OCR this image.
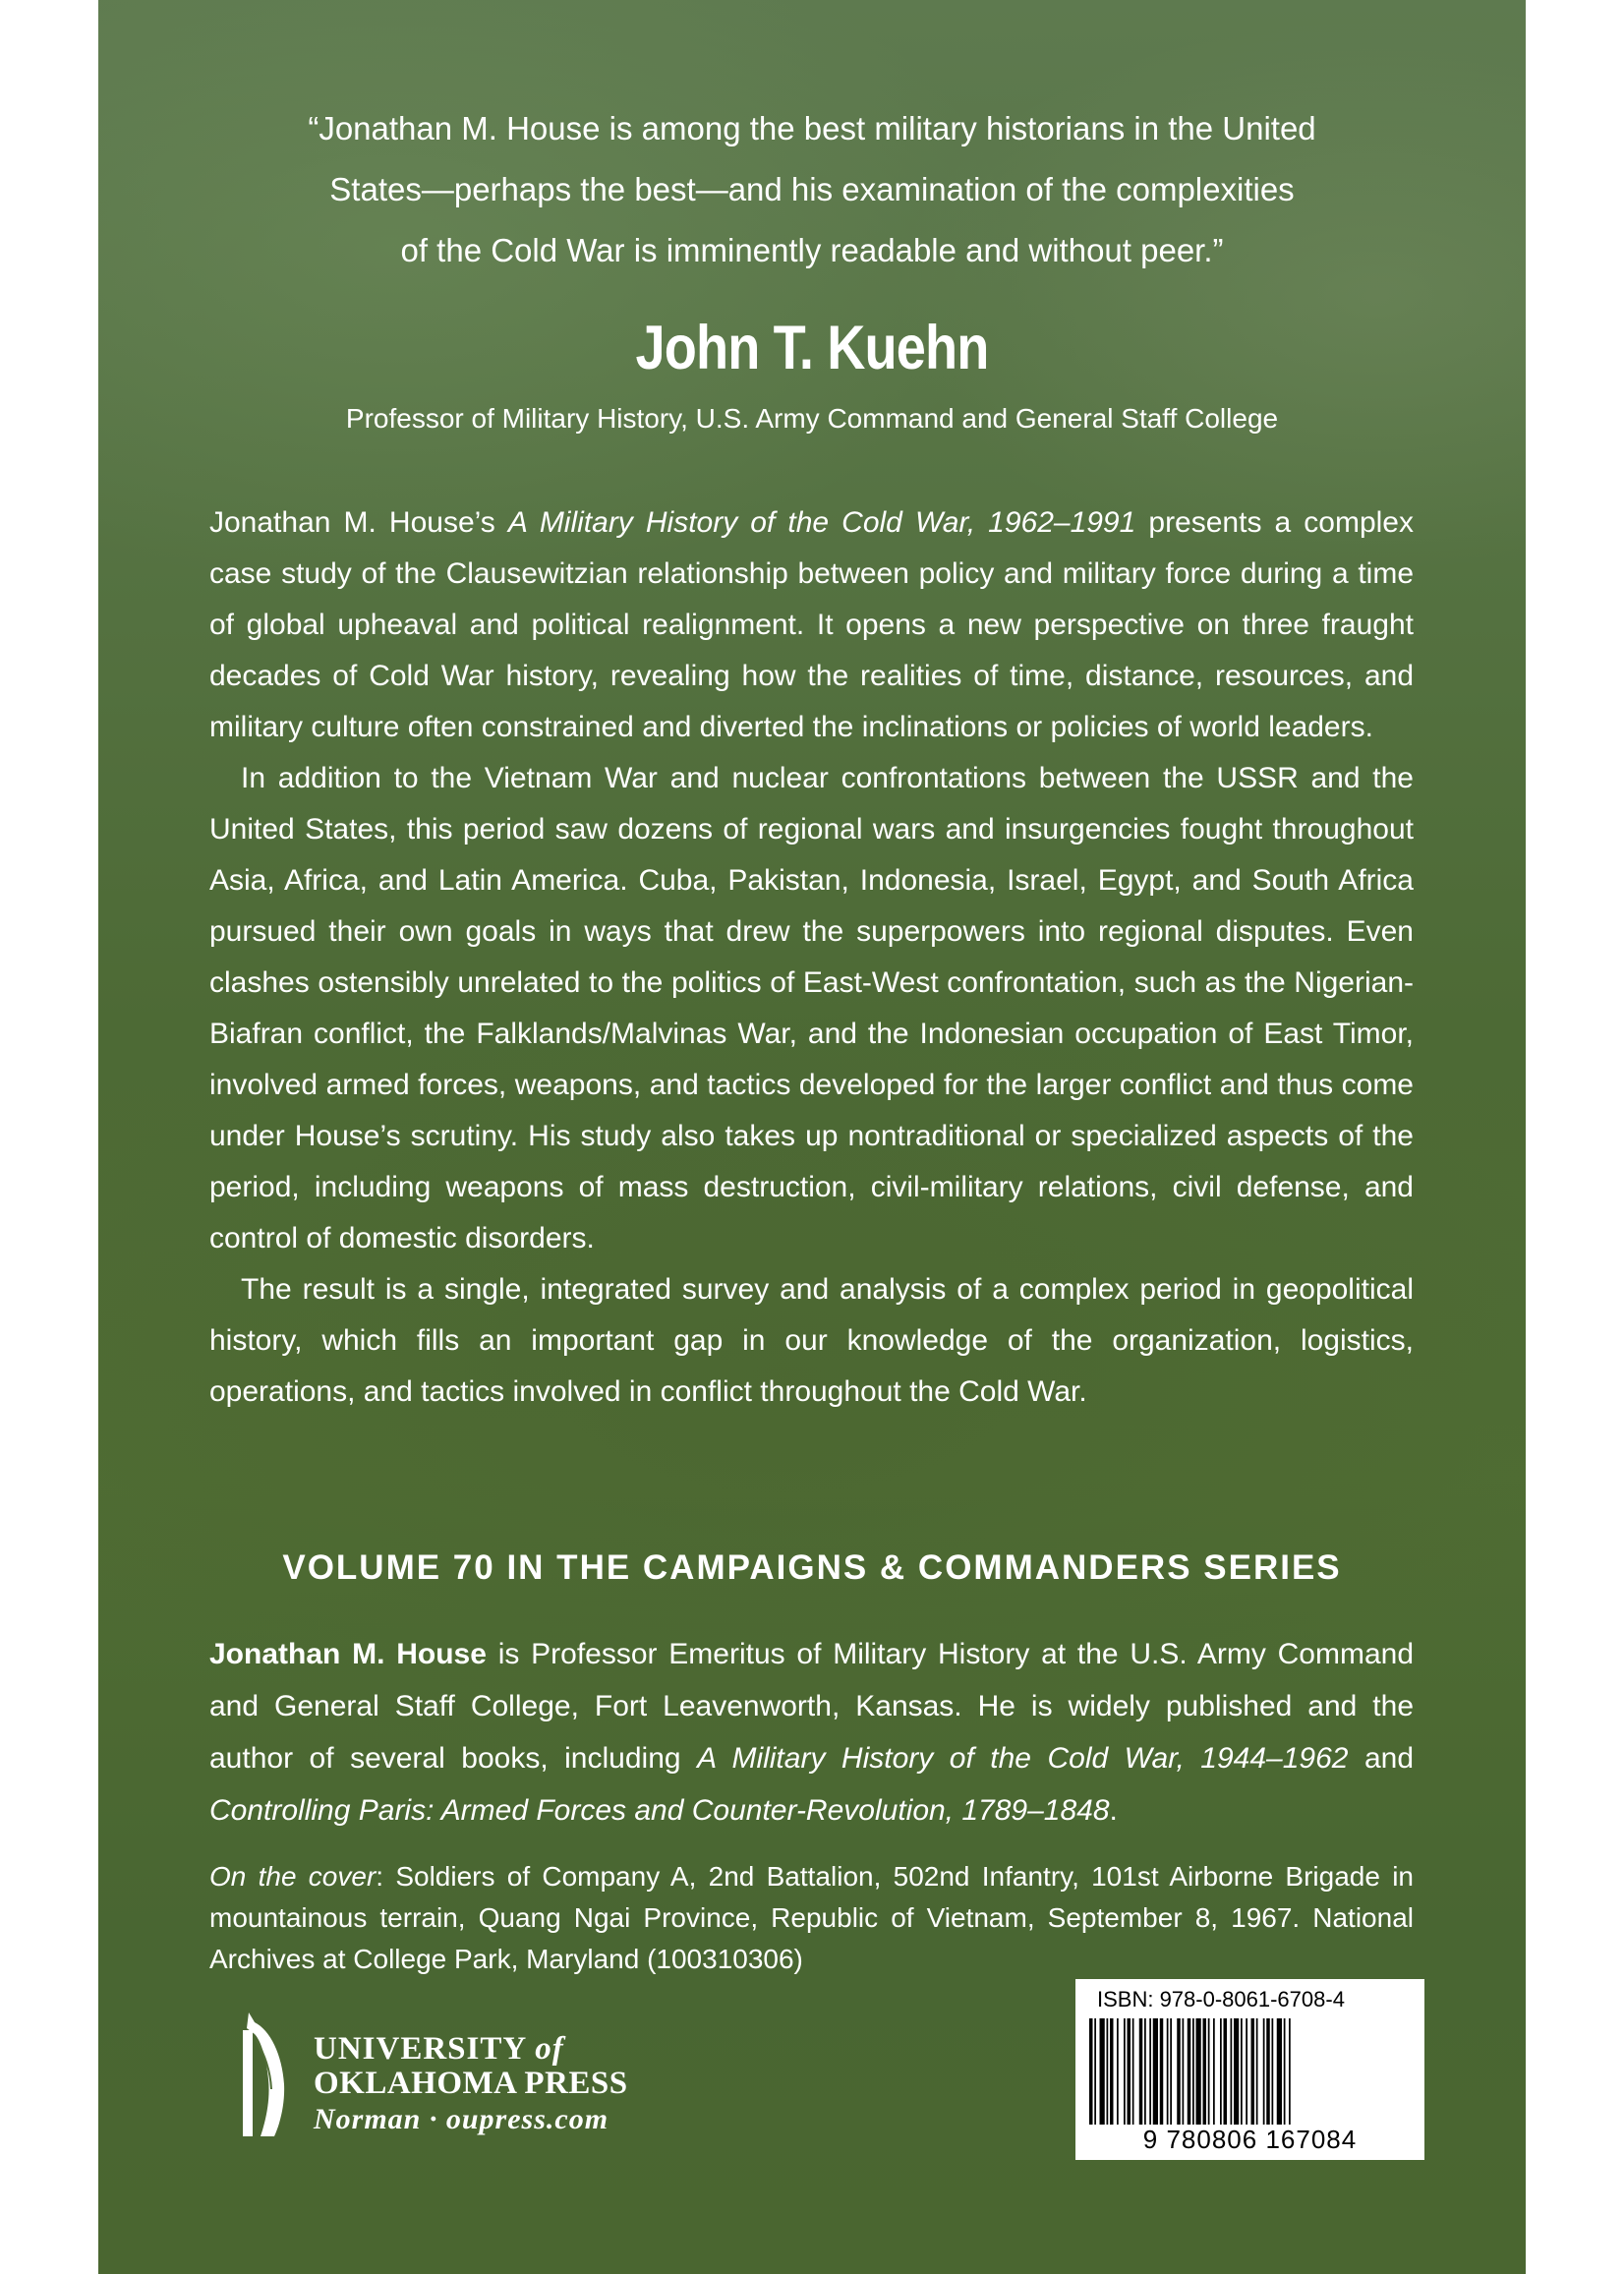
“Jonathan M. House is among the best military historians in the United
States—perhaps the best—and his examination of the complexities
of the Cold War is imminently readable and without peer.”
John T. Kuehn
Professor of Military History, U.S. Army Command and General Staff College

Jonathan M. House’s A Military History of the Cold War, 1962–1991 presents a complex case study of the Clausewitzian relationship between policy and military force during a time of global upheaval and political realignment. It opens a new perspective on three fraught decades of Cold War history, revealing how the realities of time, distance, resources, and military culture often constrained and diverted the inclinations or policies of world leaders.

In addition to the Vietnam War and nuclear confrontations between the USSR and the United States, this period saw dozens of regional wars and insurgencies fought throughout Asia, Africa, and Latin America. Cuba, Pakistan, Indonesia, Israel, Egypt, and South Africa pursued their own goals in ways that drew the superpowers into regional disputes. Even clashes ostensibly unrelated to the politics of East-West confrontation, such as the Nigerian-Biafran conflict, the Falklands/Malvinas War, and the Indonesian occupation of East Timor, involved armed forces, weapons, and tactics developed for the larger conflict and thus come under House’s scrutiny. His study also takes up nontraditional or specialized aspects of the period, including weapons of mass destruction, civil-military relations, civil defense, and control of domestic disorders.

The result is a single, integrated survey and analysis of a complex period in geopolitical history, which fills an important gap in our knowledge of the organization, logistics, operations, and tactics involved in conflict throughout the Cold War.

VOLUME 70 IN THE CAMPAIGNS & COMMANDERS SERIES
Jonathan M. House is Professor Emeritus of Military History at the U.S. Army Command and General Staff College, Fort Leavenworth, Kansas. He is widely published and the author of several books, including A Military History of the Cold War, 1944–1962 and Controlling Paris: Armed Forces and Counter-Revolution, 1789–1848.
On the cover: Soldiers of Company A, 2nd Battalion, 502nd Infantry, 101st Airborne Brigade in mountainous terrain, Quang Ngai Province, Republic of Vietnam, September 8, 1967. National Archives at College Park, Maryland (100310306)
UNIVERSITY of
OKLAHOMA PRESS
Norman · oupress.com
ISBN: 978-0-8061-6708-4
9 780806 167084
